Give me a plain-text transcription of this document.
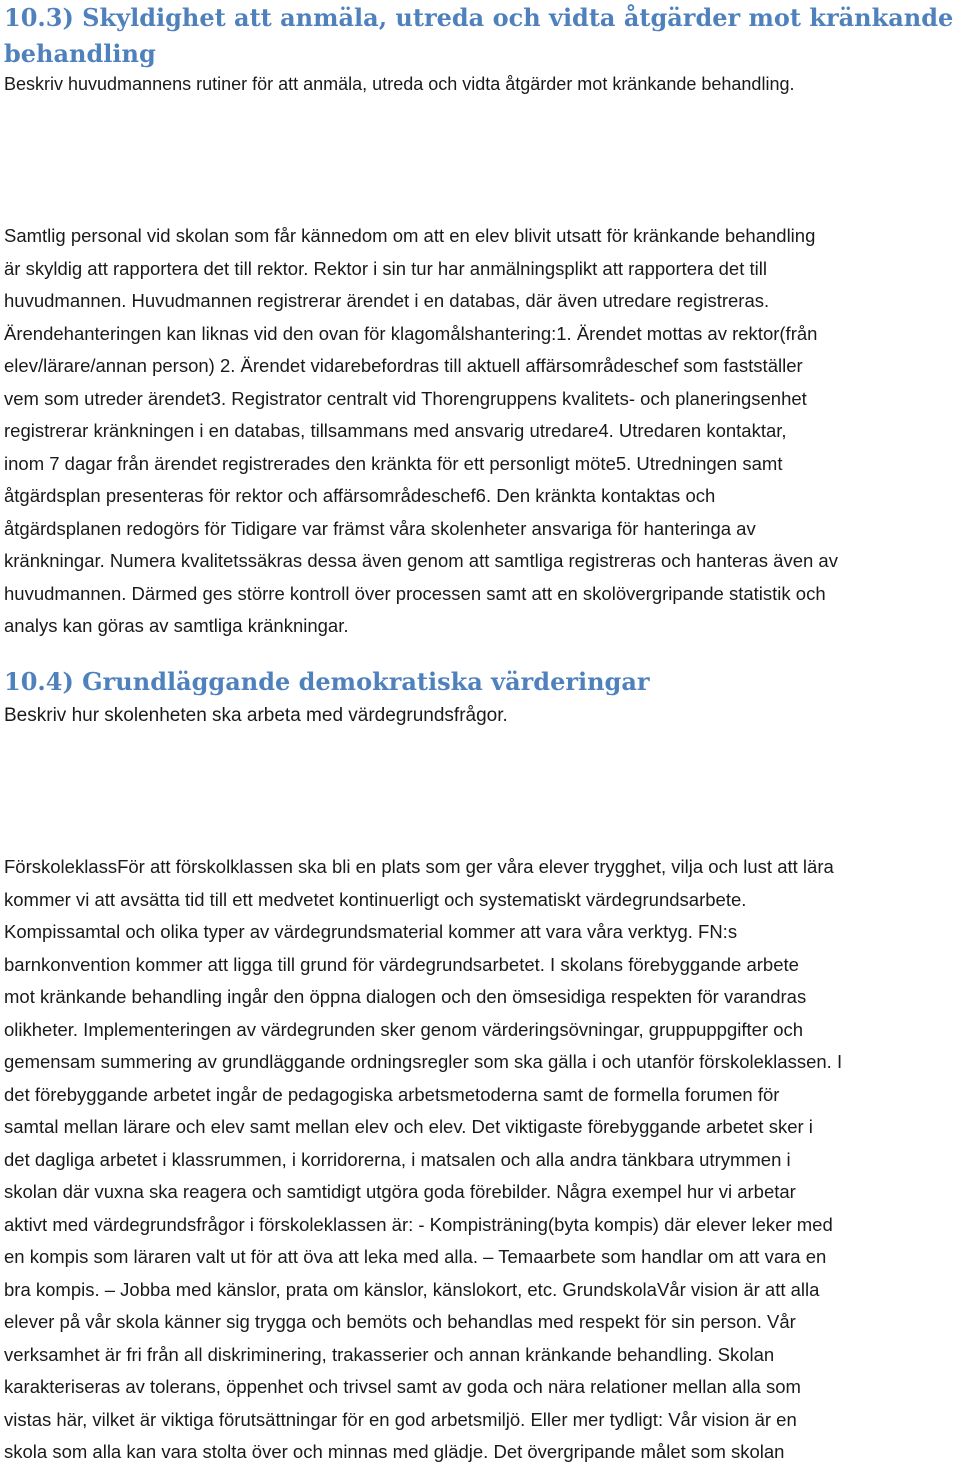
10.3) Skyldighet att anmäla, utreda och vidta åtgärder mot kränkande
behandling

Beskriv huvudmannens rutiner för att anmäla, utreda och vidta åtgärder mot kränkande behandling.

Samtlig personal vid skolan som får kännedom om att en elev blivit utsatt för kränkande behandling

är skyldig att rapportera det till rektor. Rektor i sin tur har anmälningsplikt att rapportera det till

huvudmannen. Huvudmannen registrerar ärendet i en databas, där även utredare registreras.

Ärendehanteringen kan liknas vid den ovan för klagomålshantering:1. Ärendet mottas av rektor(från

elev/lärare/annan person) 2. Ärendet vidarebefordras till aktuell affärsområdeschef som fastställer

vem som utreder ärendet3. Registrator centralt vid Thorengruppens kvalitets- och planeringsenhet

registrerar kränkningen i en databas, tillsammans med ansvarig utredare4. Utredaren kontaktar,

inom 7 dagar från ärendet registrerades den kränkta för ett personligt möte5. Utredningen samt

åtgärdsplan presenteras för rektor och affärsområdeschef6. Den kränkta kontaktas och

åtgärdsplanen redogörs för Tidigare var främst våra skolenheter ansvariga för hanteringa av

kränkningar. Numera kvalitetssäkras dessa även genom att samtliga registreras och hanteras även av

huvudmannen. Därmed ges större kontroll över processen samt att en skolövergripande statistik och

analys kan göras av samtliga kränkningar.

10.4) Grundläggande demokratiska värderingar

Beskriv hur skolenheten ska arbeta med värdegrundsfrågor.

FörskoleklassFör att förskolklassen ska bli en plats som ger våra elever trygghet, vilja och lust att lära

kommer vi att avsätta tid till ett medvetet kontinuerligt och systematiskt värdegrundsarbete.

Kompissamtal och olika typer av värdegrundsmaterial kommer att vara våra verktyg. FN:s

barnkonvention kommer att ligga till grund för värdegrundsarbetet. I skolans förebyggande arbete

mot kränkande behandling ingår den öppna dialogen och den ömsesidiga respekten för varandras

olikheter. Implementeringen av värdegrunden sker genom värderingsövningar, gruppuppgifter och

gemensam summering av grundläggande ordningsregler som ska gälla i och utanför förskoleklassen. I

det förebyggande arbetet ingår de pedagogiska arbetsmetoderna samt de formella forumen för

samtal mellan lärare och elev samt mellan elev och elev. Det viktigaste förebyggande arbetet sker i

det dagliga arbetet i klassrummen, i korridorerna, i matsalen och alla andra tänkbara utrymmen i

skolan där vuxna ska reagera och samtidigt utgöra goda förebilder. Några exempel hur vi arbetar

aktivt med värdegrundsfrågor i förskoleklassen är: - Kompisträning(byta kompis) där elever leker med

en kompis som läraren valt ut för att öva att leka med alla. – Temaarbete som handlar om att vara en

bra kompis. – Jobba med känslor, prata om känslor, känslokort, etc. GrundskolaVår vision är att alla

elever på vår skola känner sig trygga och bemöts och behandlas med respekt för sin person. Vår

verksamhet är fri från all diskriminering, trakasserier och annan kränkande behandling. Skolan

karakteriseras av tolerans, öppenhet och trivsel samt av goda och nära relationer mellan alla som

vistas här, vilket är viktiga förutsättningar för en god arbetsmiljö. Eller mer tydligt: Vår vision är en

skola som alla kan vara stolta över och minnas med glädje. Det övergripande målet som skolan
